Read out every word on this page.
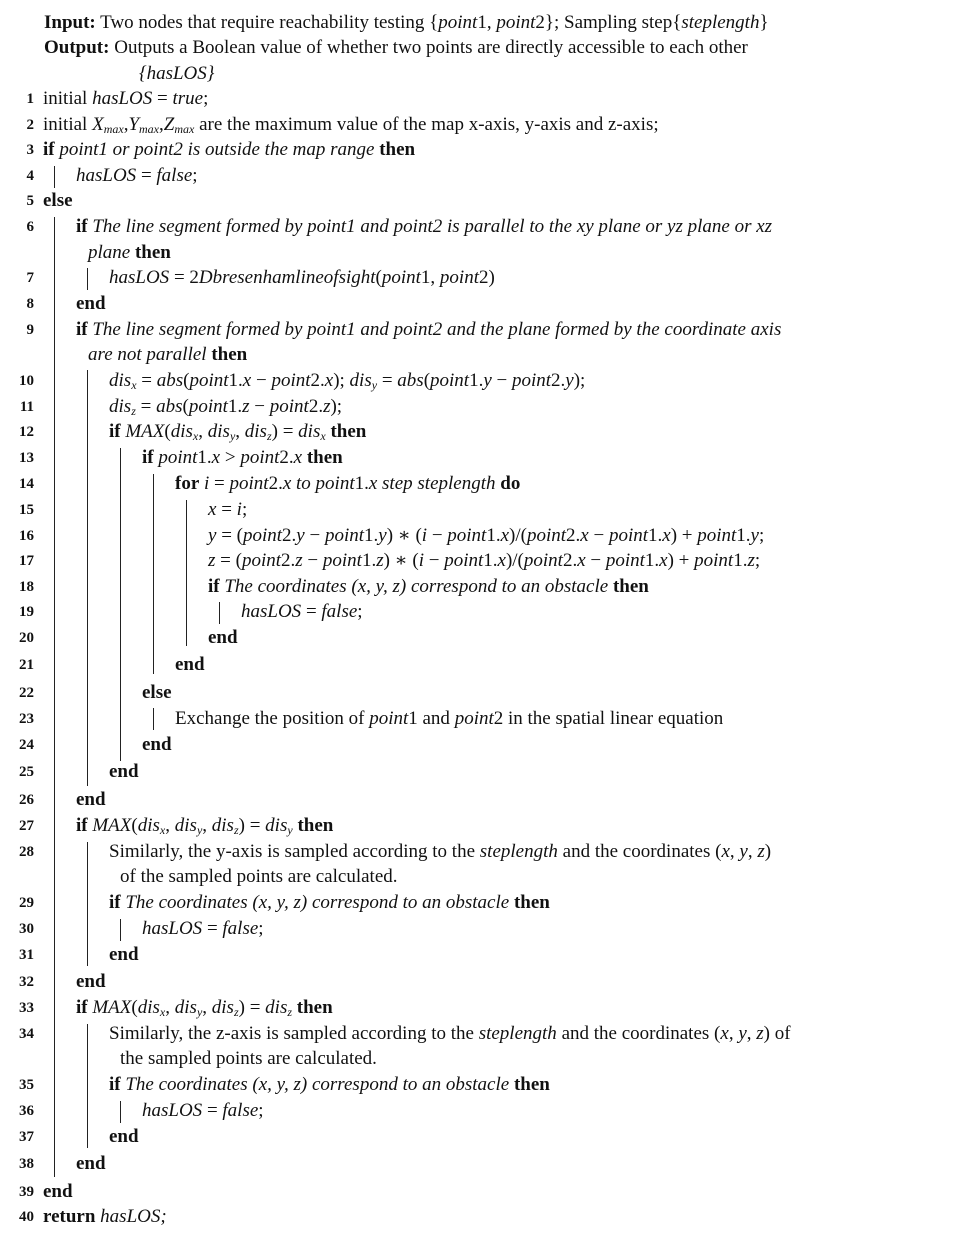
Input: Two nodes that require reachability testing {point1, point2}; Sampling step{steplength}
Output: Outputs a Boolean value of whether two points are directly accessible to each other
{hasLOS}
1 initial hasLOS = true;
2 initial $X_{max},Y_{max},Z_{max}$ are the maximum value of the map x-axis, y-axis and z-axis;
3 if point1 or point2 is outside the map range then
4 hasLOS = false;
5 else
6 if The line segment formed by point1 and point2 is parallel to the xy plane or yz plane or xz
plane then
7	hasLOS = 2Dbresenhamlineofsight(point1, point2)
8 end
9 if The line segment formed by point1 and point2 and the plane formed by the coordinate axis
are not parallel then
10	dis$_x$ = abs(point1.x − point2.x); dis$_y$ = abs(point1.y − point2.y);
11	dis$_z$ = abs(point1.z − point2.z);
12	if MAX(dis$_x$, dis$_y$, dis$_z$) = dis$_x$ then
13	if point1.x > point2.x then
14	for i = point2.x to point1.x step steplength do
15	x = i;
16	y = (point2.y − point1.y) ∗ (i − point1.x)/(point2.x − point1.x) + point1.y;
17	z = (point2.z − point1.z) ∗ (i − point1.x)/(point2.x − point1.x) + point1.z;
18	if The coordinates (x, y, z) correspond to an obstacle then
19	hasLOS = false;
20	end
21	end
22	else
23	Exchange the position of point1 and point2 in the spatial linear equation
24	end
25	end
26 end
27 if MAX(dis$_x$, dis$_y$, dis$_z$) = dis$_y$ then
28	Similarly, the y-axis is sampled according to the steplength and the coordinates (x, y, z)
of the sampled points are calculated.
29	if The coordinates (x, y, z) correspond to an obstacle then
30	hasLOS = false;
31	end
32 end
33 if MAX(dis$_x$, dis$_y$, dis$_z$) = dis$_z$ then
34	Similarly, the z-axis is sampled according to the steplength and the coordinates (x, y, z) of
the sampled points are calculated.
35	if The coordinates (x, y, z) correspond to an obstacle then
36	hasLOS = false;
37	end
38 end
39 end
40 return hasLOS;
